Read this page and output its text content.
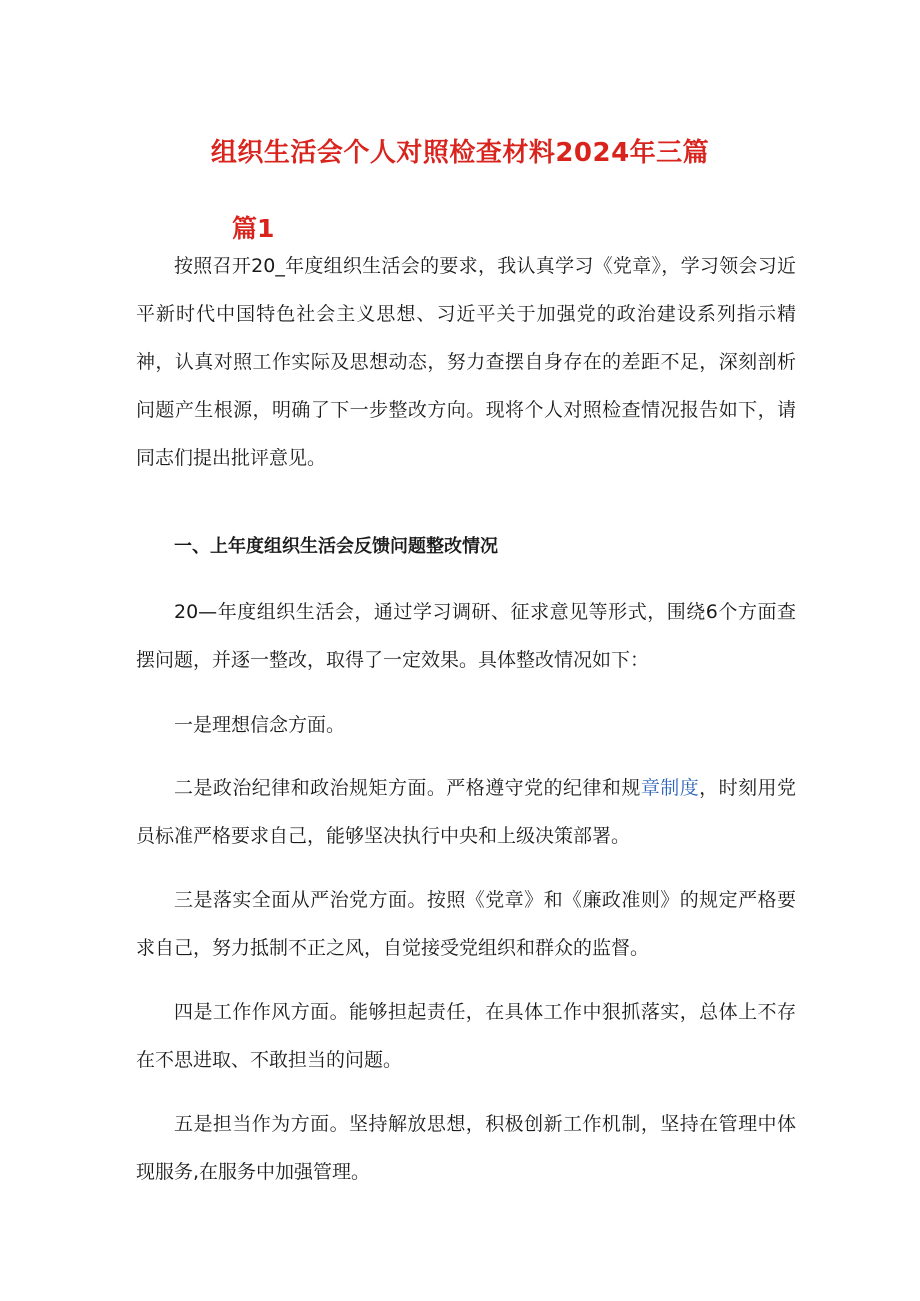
组织生活会个人对照检查材料2024年三篇
篇1

按照召开20_年度组织生活会的要求，我认真学习《党章》，学习领会习近平新时代中国特色社会主义思想、习近平关于加强党的政治建设系列指示精神，认真对照工作实际及思想动态，努力查摆自身存在的差距不足，深刻剖析问题产生根源，明确了下一步整改方向。现将个人对照检查情况报告如下，请同志们提出批评意见。

一、上年度组织生活会反馈问题整改情况

20—年度组织生活会，通过学习调研、征求意见等形式，围绕6个方面查摆问题，并逐一整改，取得了一定效果。具体整改情况如下：

一是理想信念方面。

二是政治纪律和政治规矩方面。严格遵守党的纪律和规章制度，时刻用党员标准严格要求自己，能够坚决执行中央和上级决策部署。

三是落实全面从严治党方面。按照《党章》和《廉政准则》的规定严格要求自己，努力抵制不正之风，自觉接受党组织和群众的监督。

四是工作作风方面。能够担起责任，在具体工作中狠抓落实，总体上不存在不思进取、不敢担当的问题。

五是担当作为方面。坚持解放思想，积极创新工作机制，坚持在管理中体现服务,在服务中加强管理。
